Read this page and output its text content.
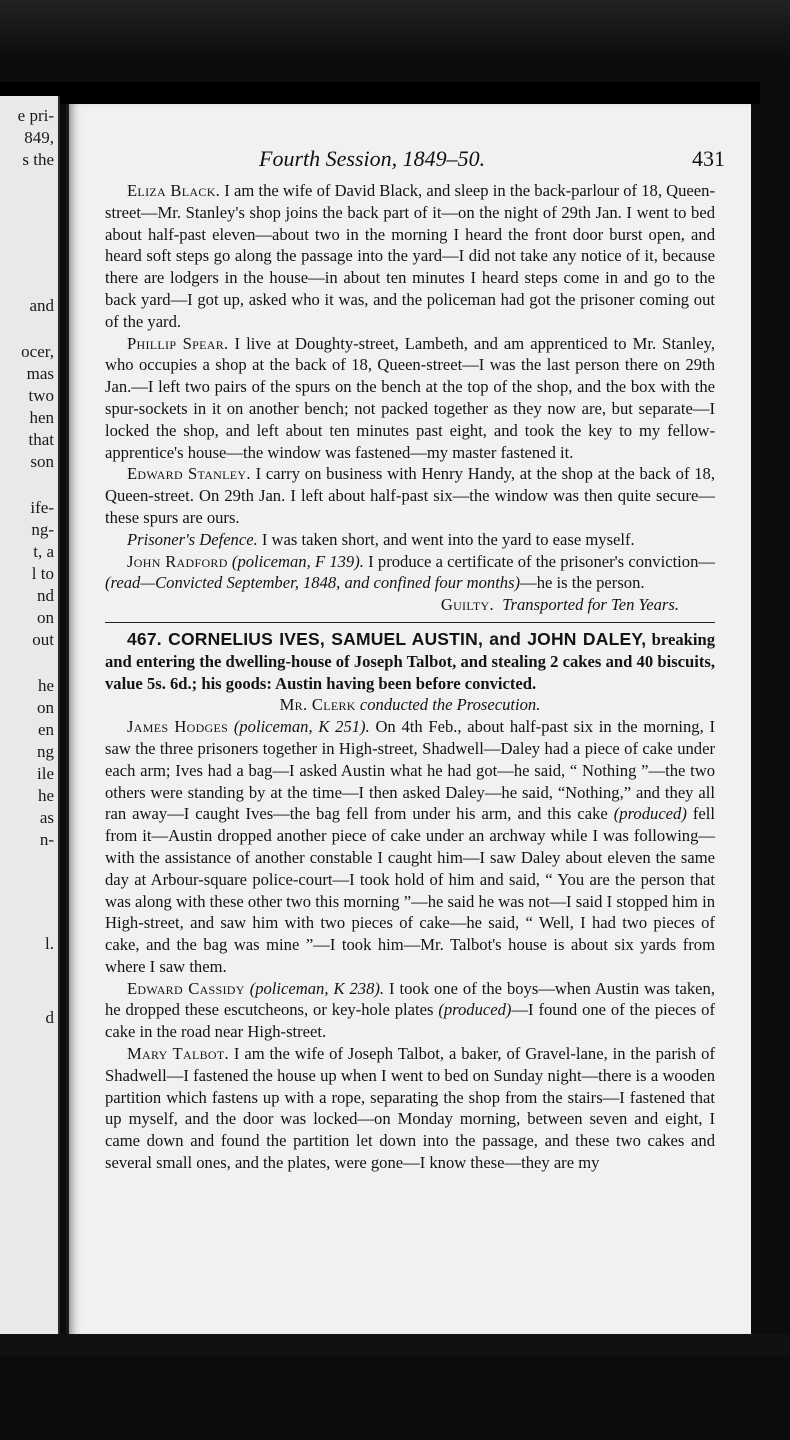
e pri-
849,
s the
and
ocer,
mas
two
hen
that
son
ife-
ng-
t, a
l to
nd
on
out
he
on
en
ng
ile
he
as
n-
l.
d
Fourth Session, 1849–50.	431

Eliza Black. I am the wife of David Black, and sleep in the back-parlour of 18, Queen-street—Mr. Stanley's shop joins the back part of it—on the night of 29th Jan. I went to bed about half-past eleven—about two in the morning I heard the front door burst open, and heard soft steps go along the passage into the yard—I did not take any notice of it, because there are lodgers in the house—in about ten minutes I heard steps come in and go to the back yard—I got up, asked who it was, and the policeman had got the prisoner coming out of the yard.

Phillip Spear. I live at Doughty-street, Lambeth, and am apprenticed to Mr. Stanley, who occupies a shop at the back of 18, Queen-street—I was the last person there on 29th Jan.—I left two pairs of the spurs on the bench at the top of the shop, and the box with the spur-sockets in it on another bench; not packed together as they now are, but separate—I locked the shop, and left about ten minutes past eight, and took the key to my fellow-apprentice's house—the window was fastened—my master fastened it.

Edward Stanley. I carry on business with Henry Handy, at the shop at the back of 18, Queen-street. On 29th Jan. I left about half-past six—the window was then quite secure—these spurs are ours.

Prisoner's Defence. I was taken short, and went into the yard to ease myself.

John Radford (policeman, F 139). I produce a certificate of the prisoner's conviction—(read—Convicted September, 1848, and confined four months)—he is the person.

Guilty. Transported for Ten Years.

467. CORNELIUS IVES, SAMUEL AUSTIN, and JOHN DALEY, breaking and entering the dwelling-house of Joseph Talbot, and stealing 2 cakes and 40 biscuits, value 5s. 6d.; his goods: Austin having been before convicted.

Mr. Clerk conducted the Prosecution.

James Hodges (policeman, K 251). On 4th Feb., about half-past six in the morning, I saw the three prisoners together in High-street, Shadwell—Daley had a piece of cake under each arm; Ives had a bag—I asked Austin what he had got—he said, “ Nothing ”—the two others were standing by at the time—I then asked Daley—he said, “Nothing,” and they all ran away—I caught Ives—the bag fell from under his arm, and this cake (produced) fell from it—Austin dropped another piece of cake under an archway while I was following—with the assistance of another constable I caught him—I saw Daley about eleven the same day at Arbour-square police-court—I took hold of him and said, “ You are the person that was along with these other two this morning ”—he said he was not—I said I stopped him in High-street, and saw him with two pieces of cake—he said, “ Well, I had two pieces of cake, and the bag was mine ”—I took him—Mr. Talbot's house is about six yards from where I saw them.

Edward Cassidy (policeman, K 238). I took one of the boys—when Austin was taken, he dropped these escutcheons, or key-hole plates (produced)—I found one of the pieces of cake in the road near High-street.

Mary Talbot. I am the wife of Joseph Talbot, a baker, of Gravel-lane, in the parish of Shadwell—I fastened the house up when I went to bed on Sunday night—there is a wooden partition which fastens up with a rope, separating the shop from the stairs—I fastened that up myself, and the door was locked—on Monday morning, between seven and eight, I came down and found the partition let down into the passage, and these two cakes and several small ones, and the plates, were gone—I know these—they are my
